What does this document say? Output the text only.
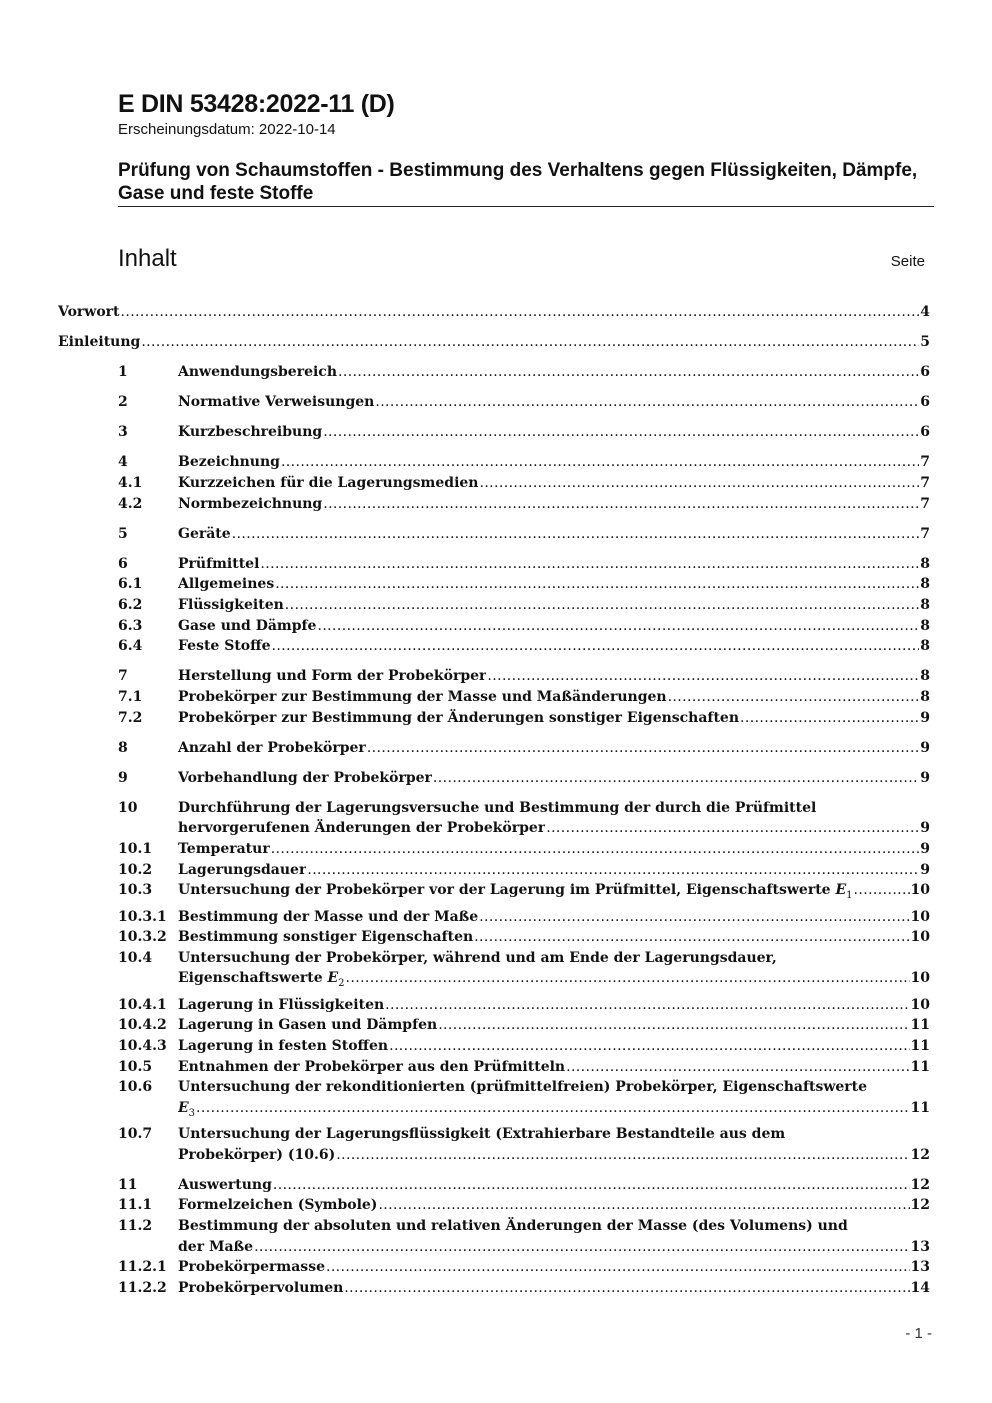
E DIN 53428:2022-11 (D)
Erscheinungsdatum: 2022-10-14
Prüfung von Schaumstoffen - Bestimmung des Verhaltens gegen Flüssigkeiten, Dämpfe, Gase und feste Stoffe
Inhalt	Seite
Vorwort .....	4
Einleitung .....	5
1	Anwendungsbereich .....	6
2	Normative Verweisungen .....	6
3	Kurzbeschreibung .....	6
4	Bezeichnung .....	7
4.1	Kurzzeichen für die Lagerungsmedien .....	7
4.2	Normbezeichnung .....	7
5	Geräte .....	7
6	Prüfmittel .....	8
6.1	Allgemeines .....	8
6.2	Flüssigkeiten .....	8
6.3	Gase und Dämpfe .....	8
6.4	Feste Stoffe .....	8
7	Herstellung und Form der Probekörper .....	8
7.1	Probekörper zur Bestimmung der Masse und Maßänderungen .....	8
7.2	Probekörper zur Bestimmung der Änderungen sonstiger Eigenschaften .....	9
8	Anzahl der Probekörper .....	9
9	Vorbehandlung der Probekörper .....	9
10	Durchführung der Lagerungsversuche und Bestimmung der durch die Prüfmittel
hervorgerufenen Änderungen der Probekörper .....	9
10.1	Temperatur .....	9
10.2	Lagerungsdauer .....	9
10.3	Untersuchung der Probekörper vor der Lagerung im Prüfmittel, Eigenschaftswerte $E_1$ .....	10
10.3.1 Bestimmung der Masse und der Maße .....	10
10.3.2 Bestimmung sonstiger Eigenschaften .....	10
10.4	Untersuchung der Probekörper, während und am Ende der Lagerungsdauer,
Eigenschaftswerte $E_2$ .....	10
10.4.1 Lagerung in Flüssigkeiten .....	10
10.4.2 Lagerung in Gasen und Dämpfen .....	11
10.4.3 Lagerung in festen Stoffen .....	11
10.5	Entnahmen der Probekörper aus den Prüfmitteln .....	11
10.6	Untersuchung der rekonditionierten (prüfmittelfreien) Probekörper, Eigenschaftswerte
$E_3$ .....	11
10.7	Untersuchung der Lagerungsflüssigkeit (Extrahierbare Bestandteile aus dem
Probekörper) (10.6) .....	12
11	Auswertung .....	12
11.1	Formelzeichen (Symbole) .....	12
11.2	Bestimmung der absoluten und relativen Änderungen der Masse (des Volumens) und
der Maße .....	13
11.2.1 Probekörpermasse .....	13
11.2.2 Probekörpervolumen .....	14
- 1 -
